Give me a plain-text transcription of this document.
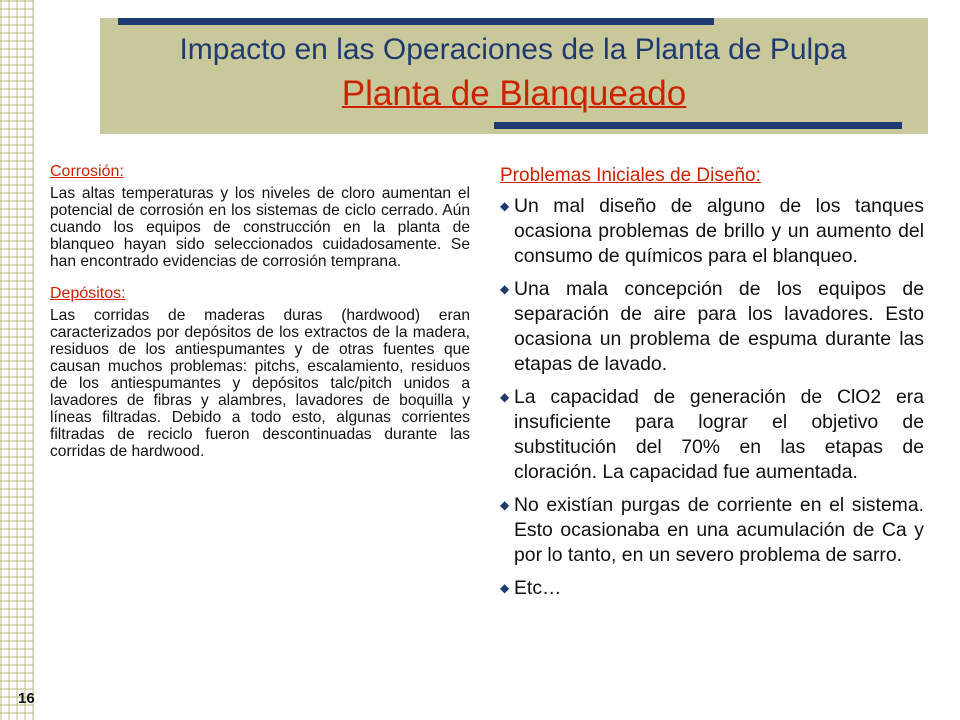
Impacto en las Operaciones de la Planta de Pulpa
Planta de Blanqueado
Corrosión:
Las altas temperaturas y los niveles de cloro aumentan el potencial de corrosión en los sistemas de ciclo cerrado. Aún cuando los equipos de construcción en la planta de blanqueo hayan sido seleccionados cuidadosamente. Se han encontrado evidencias de corrosión temprana.
Depósitos:
Las corridas de maderas duras (hardwood) eran caracterizados por depósitos de los extractos de la madera, residuos de los antiespumantes y de otras fuentes que causan muchos problemas: pitchs, escalamiento, residuos de los antiespumantes y depósitos talc/pitch unidos a lavadores de fibras y alambres, lavadores de boquilla y líneas filtradas. Debido a todo esto, algunas corrientes filtradas de reciclo fueron descontinuadas durante las corridas de hardwood.
Problemas Iniciales de Diseño:
◆ Un mal diseño de alguno de los tanques ocasiona problemas de brillo y un aumento del consumo de químicos para el blanqueo.
◆ Una mala concepción de los equipos de separación de aire para los lavadores. Esto ocasiona un problema de espuma durante las etapas de lavado.
◆ La capacidad de generación de ClO2 era insuficiente para lograr el objetivo de substitución del 70% en las etapas de cloración. La capacidad fue aumentada.
◆ No existían purgas de corriente en el sistema. Esto ocasionaba en una acumulación de Ca y por lo tanto, en un severo problema de sarro.
◆ Etc…
16
